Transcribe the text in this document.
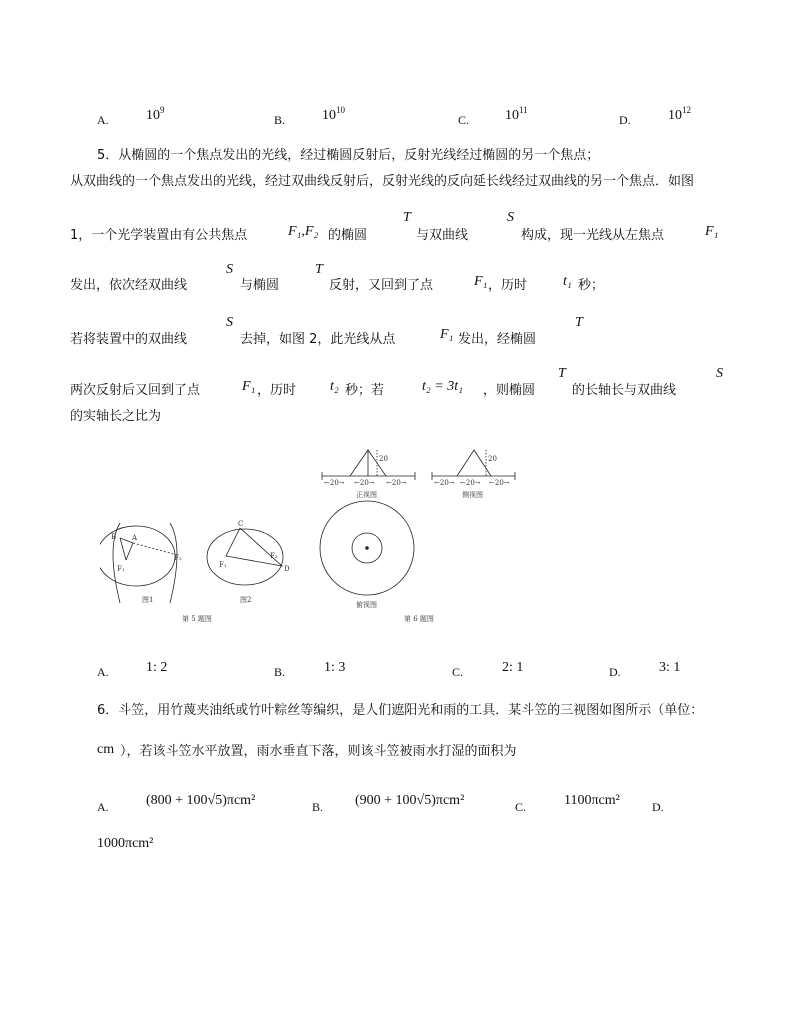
A.	$10^9$
B.	$10^{10}$
C.	$10^{11}$
D.	$10^{12}$
5．从椭圆的一个焦点发出的光线，经过椭圆反射后，反射光线经过椭圆的另一个焦点；
从双曲线的一个焦点发出的光线，经过双曲线反射后，反射光线的反向延长线经过双曲线的另一个焦点．如图
1，一个光学装置由有公共焦点	F₁,F₂ 的椭圆
T
与双曲线
S
构成，现一光线从左焦点	F₁
发出，依次经双曲线
S
与椭圆
T
反射，又回到了点	F₁ ，历时	t₁ 秒；
若将装置中的双曲线
S
去掉，如图 2，此光线从点	F₁ 发出，经椭圆
T
两次反射后又回到了点	F₁ ，历时 t₂ 秒；若	t₂ = 3t₁ ，则椭圆
T
的长轴长与双曲线
S
的实轴长之比为
B A
F₁
F₂
图1
C
F₁
F₂
D
图2
20	20
←20→ ←20→ ←20→	←20→ ←20→ ←20→
正视图	侧视图
俯视图
第 5 题图	第 6 题图
A.	1: 2	B.	1: 3	C.	2: 1	D.	3: 1
6．斗笠，用竹蔑夹油纸或竹叶粽丝等编织，是人们遮阳光和雨的工具．某斗笠的三视图如图所示（单位：
cm ），若该斗笠水平放置，雨水垂直下落，则该斗笠被雨水打湿的面积为
A.	(800 + 100√5)πcm²	B. (900 + 100√5)πcm²	C.	1100πcm²	D.
1000πcm²
